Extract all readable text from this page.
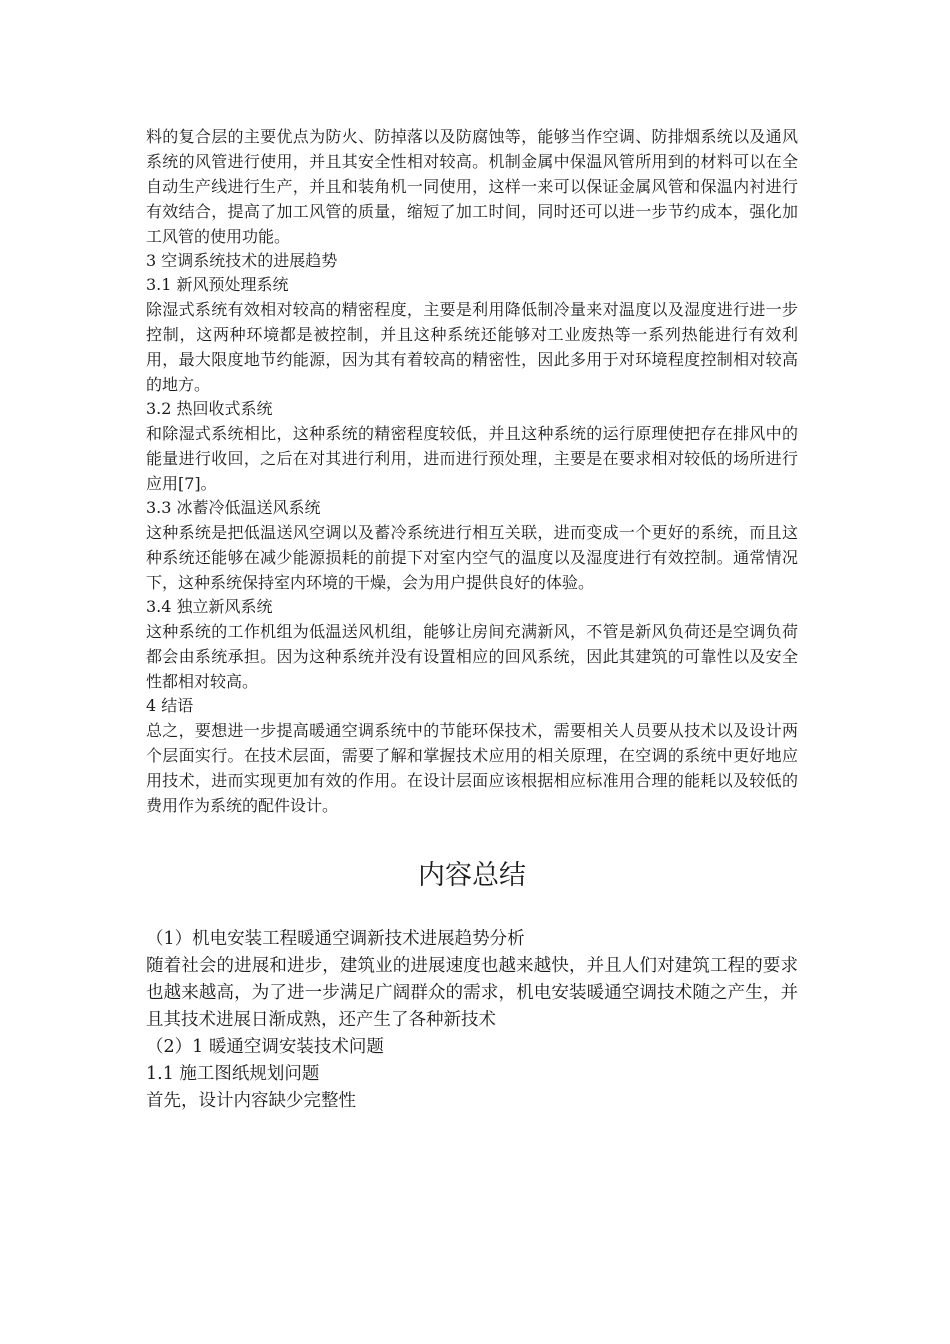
料的复合层的主要优点为防火、防掉落以及防腐蚀等，能够当作空调、防排烟系统以及通风系统的风管进行使用，并且其安全性相对较高。机制金属中保温风管所用到的材料可以在全自动生产线进行生产，并且和装角机一同使用，这样一来可以保证金属风管和保温内衬进行有效结合，提高了加工风管的质量，缩短了加工时间，同时还可以进一步节约成本，强化加工风管的使用功能。

3 空调系统技术的进展趋势

3.1 新风预处理系统

除湿式系统有效相对较高的精密程度，主要是利用降低制冷量来对温度以及湿度进行进一步控制，这两种环境都是被控制，并且这种系统还能够对工业废热等一系列热能进行有效利用，最大限度地节约能源，因为其有着较高的精密性，因此多用于对环境程度控制相对较高的地方。

3.2 热回收式系统

和除湿式系统相比，这种系统的精密程度较低，并且这种系统的运行原理使把存在排风中的能量进行收回，之后在对其进行利用，进而进行预处理，主要是在要求相对较低的场所进行应用[7]。

3.3 冰蓄冷低温送风系统

这种系统是把低温送风空调以及蓄冷系统进行相互关联，进而变成一个更好的系统，而且这种系统还能够在减少能源损耗的前提下对室内空气的温度以及湿度进行有效控制。通常情况下，这种系统保持室内环境的干燥，会为用户提供良好的体验。

3.4 独立新风系统

这种系统的工作机组为低温送风机组，能够让房间充满新风，不管是新风负荷还是空调负荷都会由系统承担。因为这种系统并没有设置相应的回风系统，因此其建筑的可靠性以及安全性都相对较高。

4 结语

总之，要想进一步提高暖通空调系统中的节能环保技术，需要相关人员要从技术以及设计两个层面实行。在技术层面，需要了解和掌握技术应用的相关原理，在空调的系统中更好地应用技术，进而实现更加有效的作用。在设计层面应该根据相应标准用合理的能耗以及较低的费用作为系统的配件设计。

内容总结

（1）机电安装工程暖通空调新技术进展趋势分析

随着社会的进展和进步，建筑业的进展速度也越来越快，并且人们对建筑工程的要求也越来越高，为了进一步满足广阔群众的需求，机电安装暖通空调技术随之产生，并且其技术进展日渐成熟，还产生了各种新技术

（2）1 暖通空调安装技术问题

1.1 施工图纸规划问题

首先，设计内容缺少完整性
